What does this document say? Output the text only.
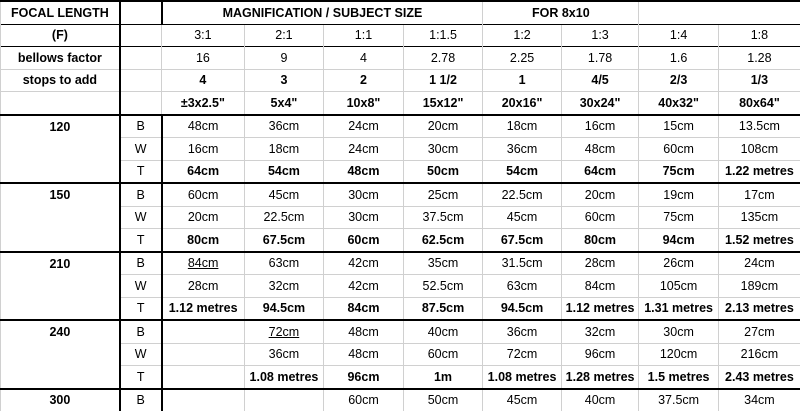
FOCAL LENGTH		MAGNIFICATION / SUBJECT SIZE				FOR 8x10			
(F)		3:1	2:1	1:1	1:1.5	1:2	1:3	1:4	1:8
bellows factor		16	9	4	2.78	2.25	1.78	1.6	1.28
stops to add		4	3	2	1 1/2	1	4/5	2/3	1/3
		±3x2.5"	5x4"	10x8"	15x12"	20x16"	30x24"	40x32"	80x64"
120	B	48cm	36cm	24cm	20cm	18cm	16cm	15cm	13.5cm
	W	16cm	18cm	24cm	30cm	36cm	48cm	60cm	108cm
	T	64cm	54cm	48cm	50cm	54cm	64cm	75cm	1.22 metres
150	B	60cm	45cm	30cm	25cm	22.5cm	20cm	19cm	17cm
	W	20cm	22.5cm	30cm	37.5cm	45cm	60cm	75cm	135cm
	T	80cm	67.5cm	60cm	62.5cm	67.5cm	80cm	94cm	1.52 metres
210	B	84cm	63cm	42cm	35cm	31.5cm	28cm	26cm	24cm
	W	28cm	32cm	42cm	52.5cm	63cm	84cm	105cm	189cm
	T	1.12 metres	94.5cm	84cm	87.5cm	94.5cm	1.12 metres	1.31 metres	2.13 metres
240	B		72cm	48cm	40cm	36cm	32cm	30cm	27cm
	W		36cm	48cm	60cm	72cm	96cm	120cm	216cm
	T		1.08 metres	96cm	1m	1.08 metres	1.28 metres	1.5 metres	2.43 metres
300	B			60cm	50cm	45cm	40cm	37.5cm	34cm
